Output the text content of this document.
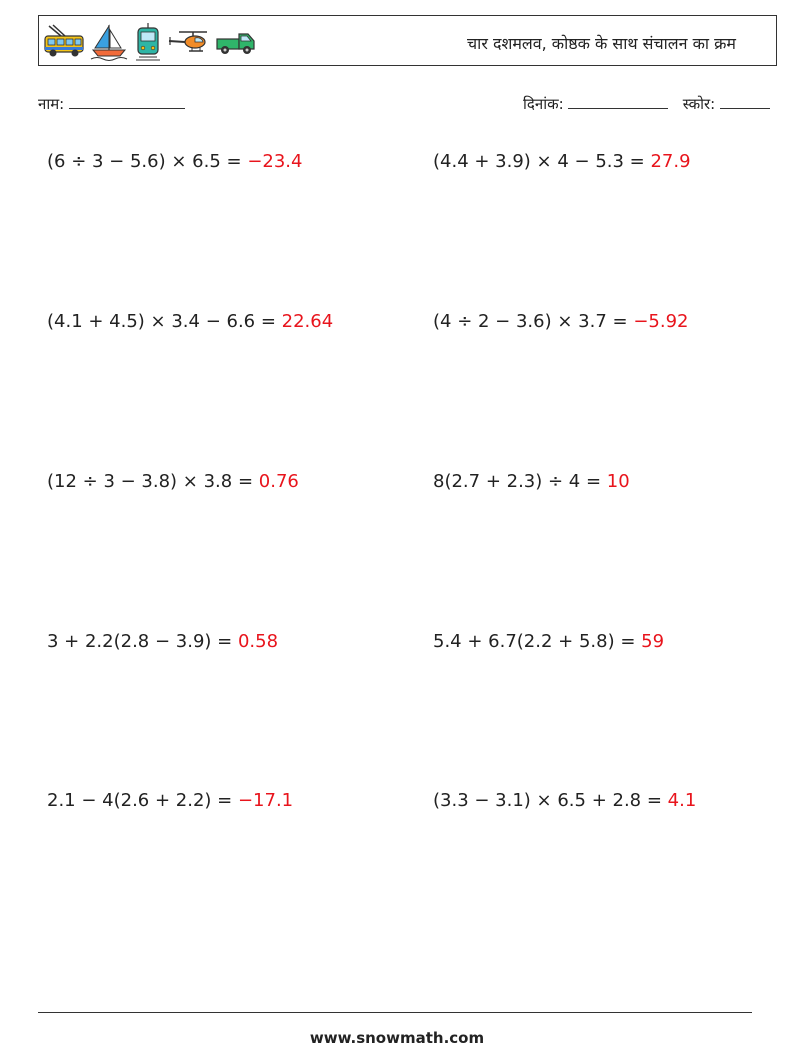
चार दशमलव, कोष्ठक के साथ संचालन का क्रम
नाम:	दिनांक:	स्कोर:
(6 ÷ 3 − 5.6) × 6.5 = −23.4	(4.4 + 3.9) × 4 − 5.3 = 27.9
(4.1 + 4.5) × 3.4 − 6.6 = 22.64	(4 ÷ 2 − 3.6) × 3.7 = −5.92
(12 ÷ 3 − 3.8) × 3.8 = 0.76	8(2.7 + 2.3) ÷ 4 = 10
3 + 2.2(2.8 − 3.9) = 0.58	5.4 + 6.7(2.2 + 5.8) = 59
2.1 − 4(2.6 + 2.2) = −17.1	(3.3 − 3.1) × 6.5 + 2.8 = 4.1
www.snowmath.com
